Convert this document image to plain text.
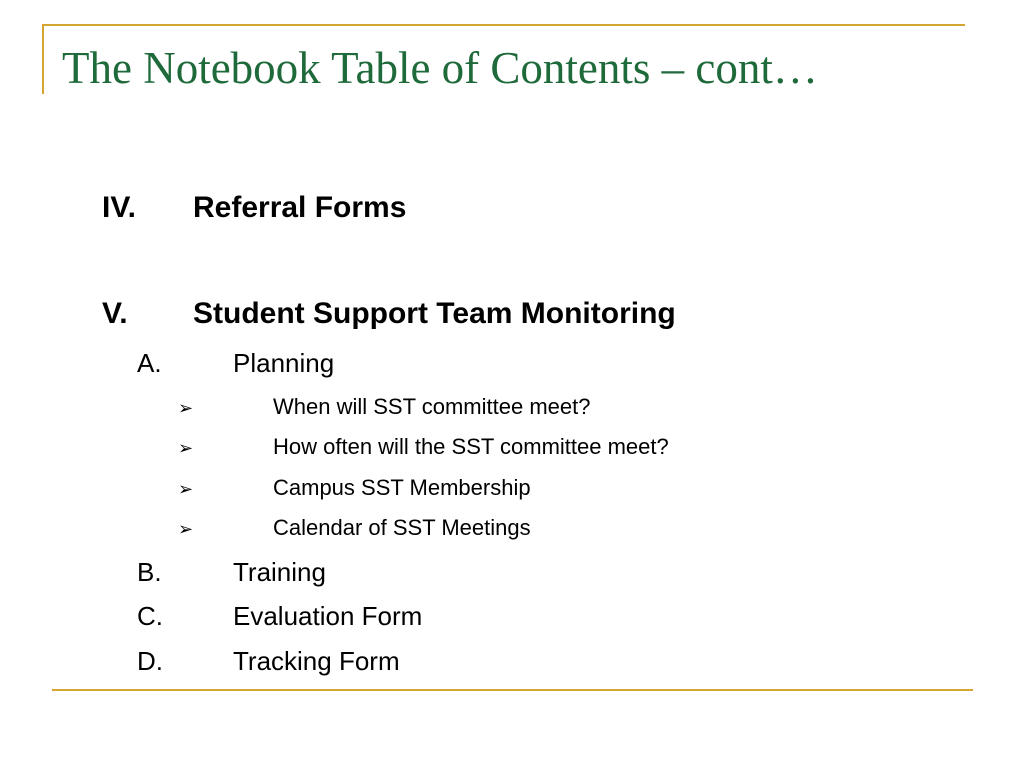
The Notebook Table of Contents – cont…
IV. Referral Forms
V. Student Support Team Monitoring
A.	Planning
➢	When will SST committee meet?
➢	How often will the SST committee meet?
➢	Campus SST Membership
➢	Calendar of SST Meetings
B.	Training
C.	Evaluation Form
D.	Tracking Form
